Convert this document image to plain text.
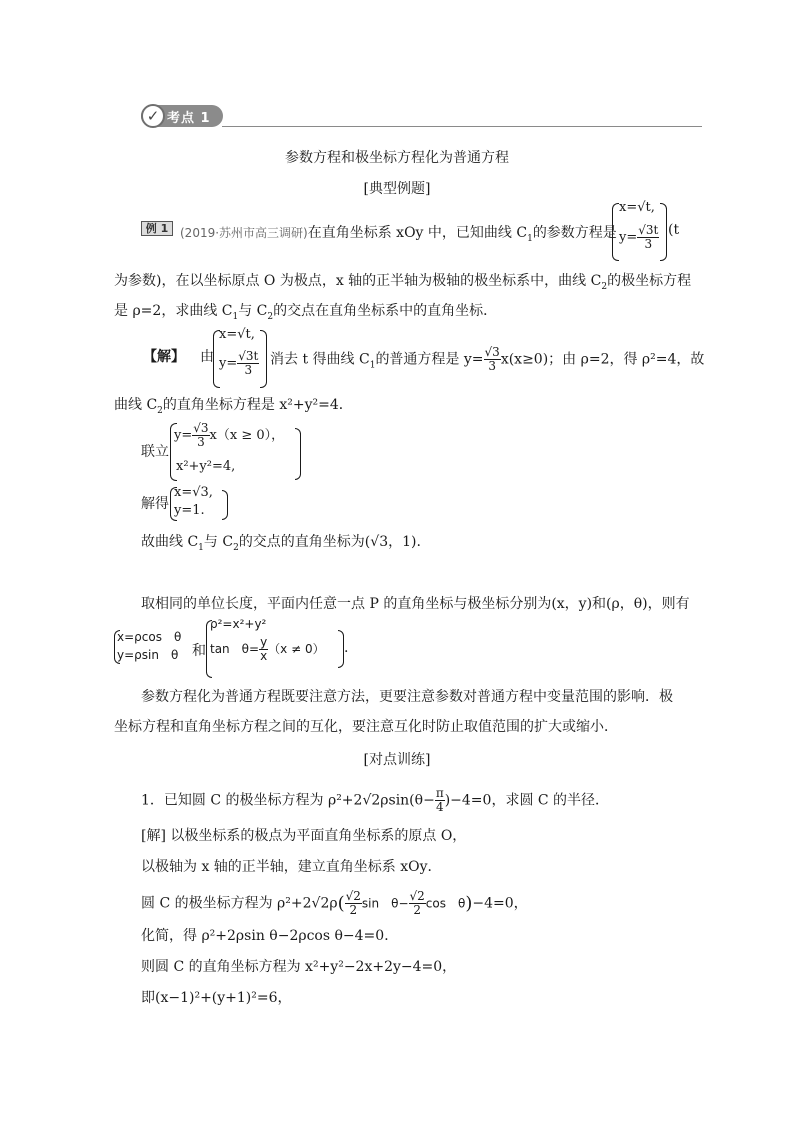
✓ 考点 1
参数方程和极坐标方程化为普通方程
[典型例题]
例 1 (2019·苏州市高三调研)在直角坐标系 xOy 中，已知曲线 $C_1$的参数方程是
x=√t,
$y= \frac{√3t}{3} (t$
为参数)，在以坐标原点 O 为极点，x 轴的正半轴为极轴的极坐标系中，曲线 $C_2$的极坐标方程
是 ρ=2，求曲线 $C_1$与 $C_2$的交点在直角坐标系中的直角坐标．
【解】 由
x=√t,
$y= \frac{√3t}{3}$ 消去 t 得曲线 $C_1$的普通方程是 $y= \frac{√3}{3} x(x\ge 0)$；由 ρ=2，得 ρ²=4，故
曲线 $C_2$的直角坐标方程是 x²+y²=4．
联立
$y= \frac{√3}{3} x(x \ge 0)$，
x²+y²=4,
解得
x=√3,
y=1.
故曲线 $C_1$与 $C_2$的交点的直角坐标为(√3，1).
取相同的单位长度，平面内任意一点 P 的直角坐标与极坐标分别为(x，y)和(ρ，θ)，则有
x=ρcos　θ
y=ρsin　θ 和
ρ²=x²+y²
tan　$\theta= \frac{y}{x} (x \ne 0)$ .
参数方程化为普通方程既要注意方法，更要注意参数对普通方程中变量范围的影响．极
坐标方程和直角坐标方程之间的互化，要注意互化时防止取值范围的扩大或缩小．
[对点训练]
1．已知圆 C 的极坐标方程为 $\rho^2+2√2\rho\sin(\theta- \frac{\pi}{4} )-4=0$，求圆 C 的半径．
[解] 以极坐标系的极点为平面直角坐标系的原点 O，
以极轴为 x 轴的正半轴，建立直角坐标系 xOy．
圆 C 的极坐标方程为 $\rho^2+2√2\rho( \frac{√2}{2}$ sin　$\theta- \frac{√2}{2}$ cos　θ)−4=0，
化简，得 ρ²+2ρsin θ−2ρcos θ−4=0．
则圆 C 的直角坐标方程为 x²+y²−2x+2y−4=0，
即(x−1)²+(y+1)²=6，
